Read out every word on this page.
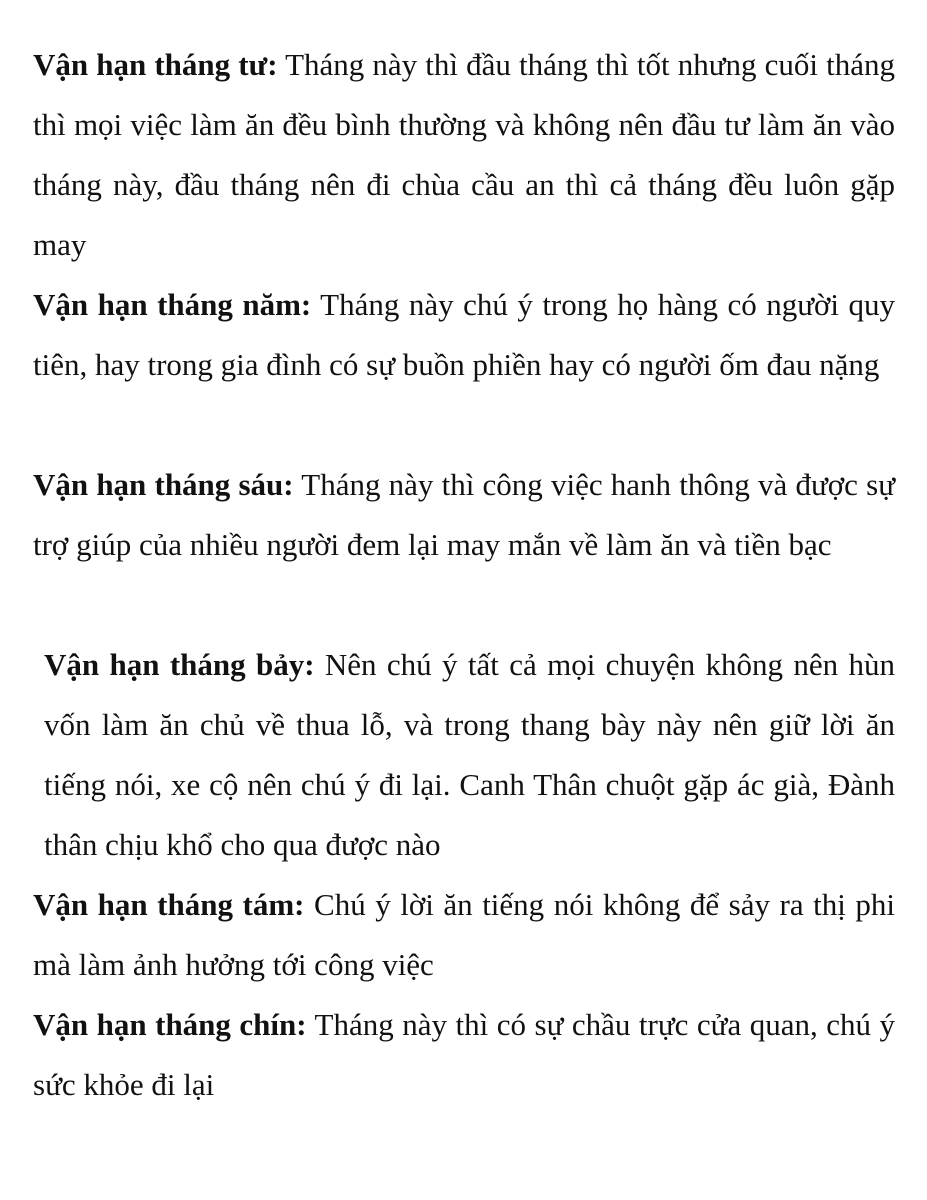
Vận hạn tháng tư: Tháng này thì đầu tháng thì tốt nhưng cuối tháng thì mọi việc làm ăn đều bình thường và không nên đầu tư làm ăn vào tháng này, đầu tháng nên đi chùa cầu an thì cả tháng đều luôn gặp may

Vận hạn tháng năm: Tháng này chú ý trong họ hàng có người quy tiên, hay trong gia đình có sự buồn phiền hay có người ốm đau nặng

Vận hạn tháng sáu: Tháng này thì công việc hanh thông và được sự trợ giúp của nhiều người đem lại may mắn về làm ăn và tiền bạc

Vận hạn tháng bảy: Nên chú ý tất cả mọi chuyện không nên hùn vốn làm ăn chủ về thua lỗ, và trong thang bày này nên giữ lời ăn tiếng nói, xe cộ nên chú ý đi lại. Canh Thân chuột gặp ác già, Đành thân chịu khổ cho qua được nào

Vận hạn tháng tám: Chú ý lời ăn tiếng nói không để sảy ra thị phi mà làm ảnh hưởng tới công việc

Vận hạn tháng chín: Tháng này thì có sự chầu trực cửa quan, chú ý sức khỏe đi lại
